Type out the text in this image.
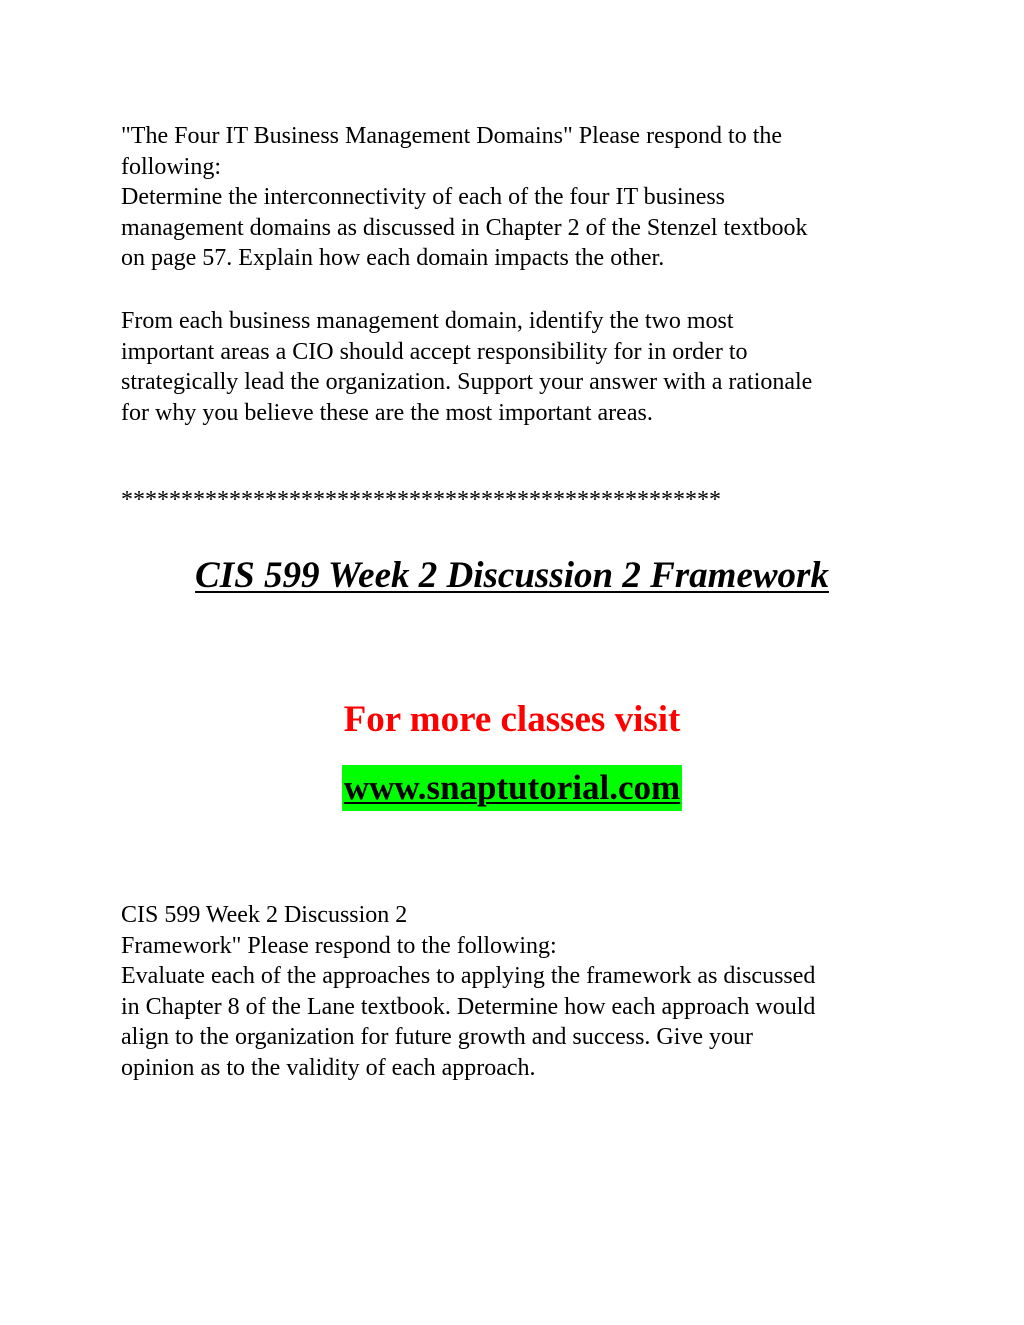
"The Four IT Business Management Domains" Please respond to the
following:
Determine the interconnectivity of each of the four IT business
management domains as discussed in Chapter 2 of the Stenzel textbook
on page 57. Explain how each domain impacts the other.
From each business management domain, identify the two most
important areas a CIO should accept responsibility for in order to
strategically lead the organization. Support your answer with a rationale
for why you believe these are the most important areas.
**************************************************
CIS 599 Week 2 Discussion 2 Framework
For more classes visit
www.snaptutorial.com
CIS 599 Week 2 Discussion 2
Framework" Please respond to the following:
Evaluate each of the approaches to applying the framework as discussed
in Chapter 8 of the Lane textbook. Determine how each approach would
align to the organization for future growth and success. Give your
opinion as to the validity of each approach.
